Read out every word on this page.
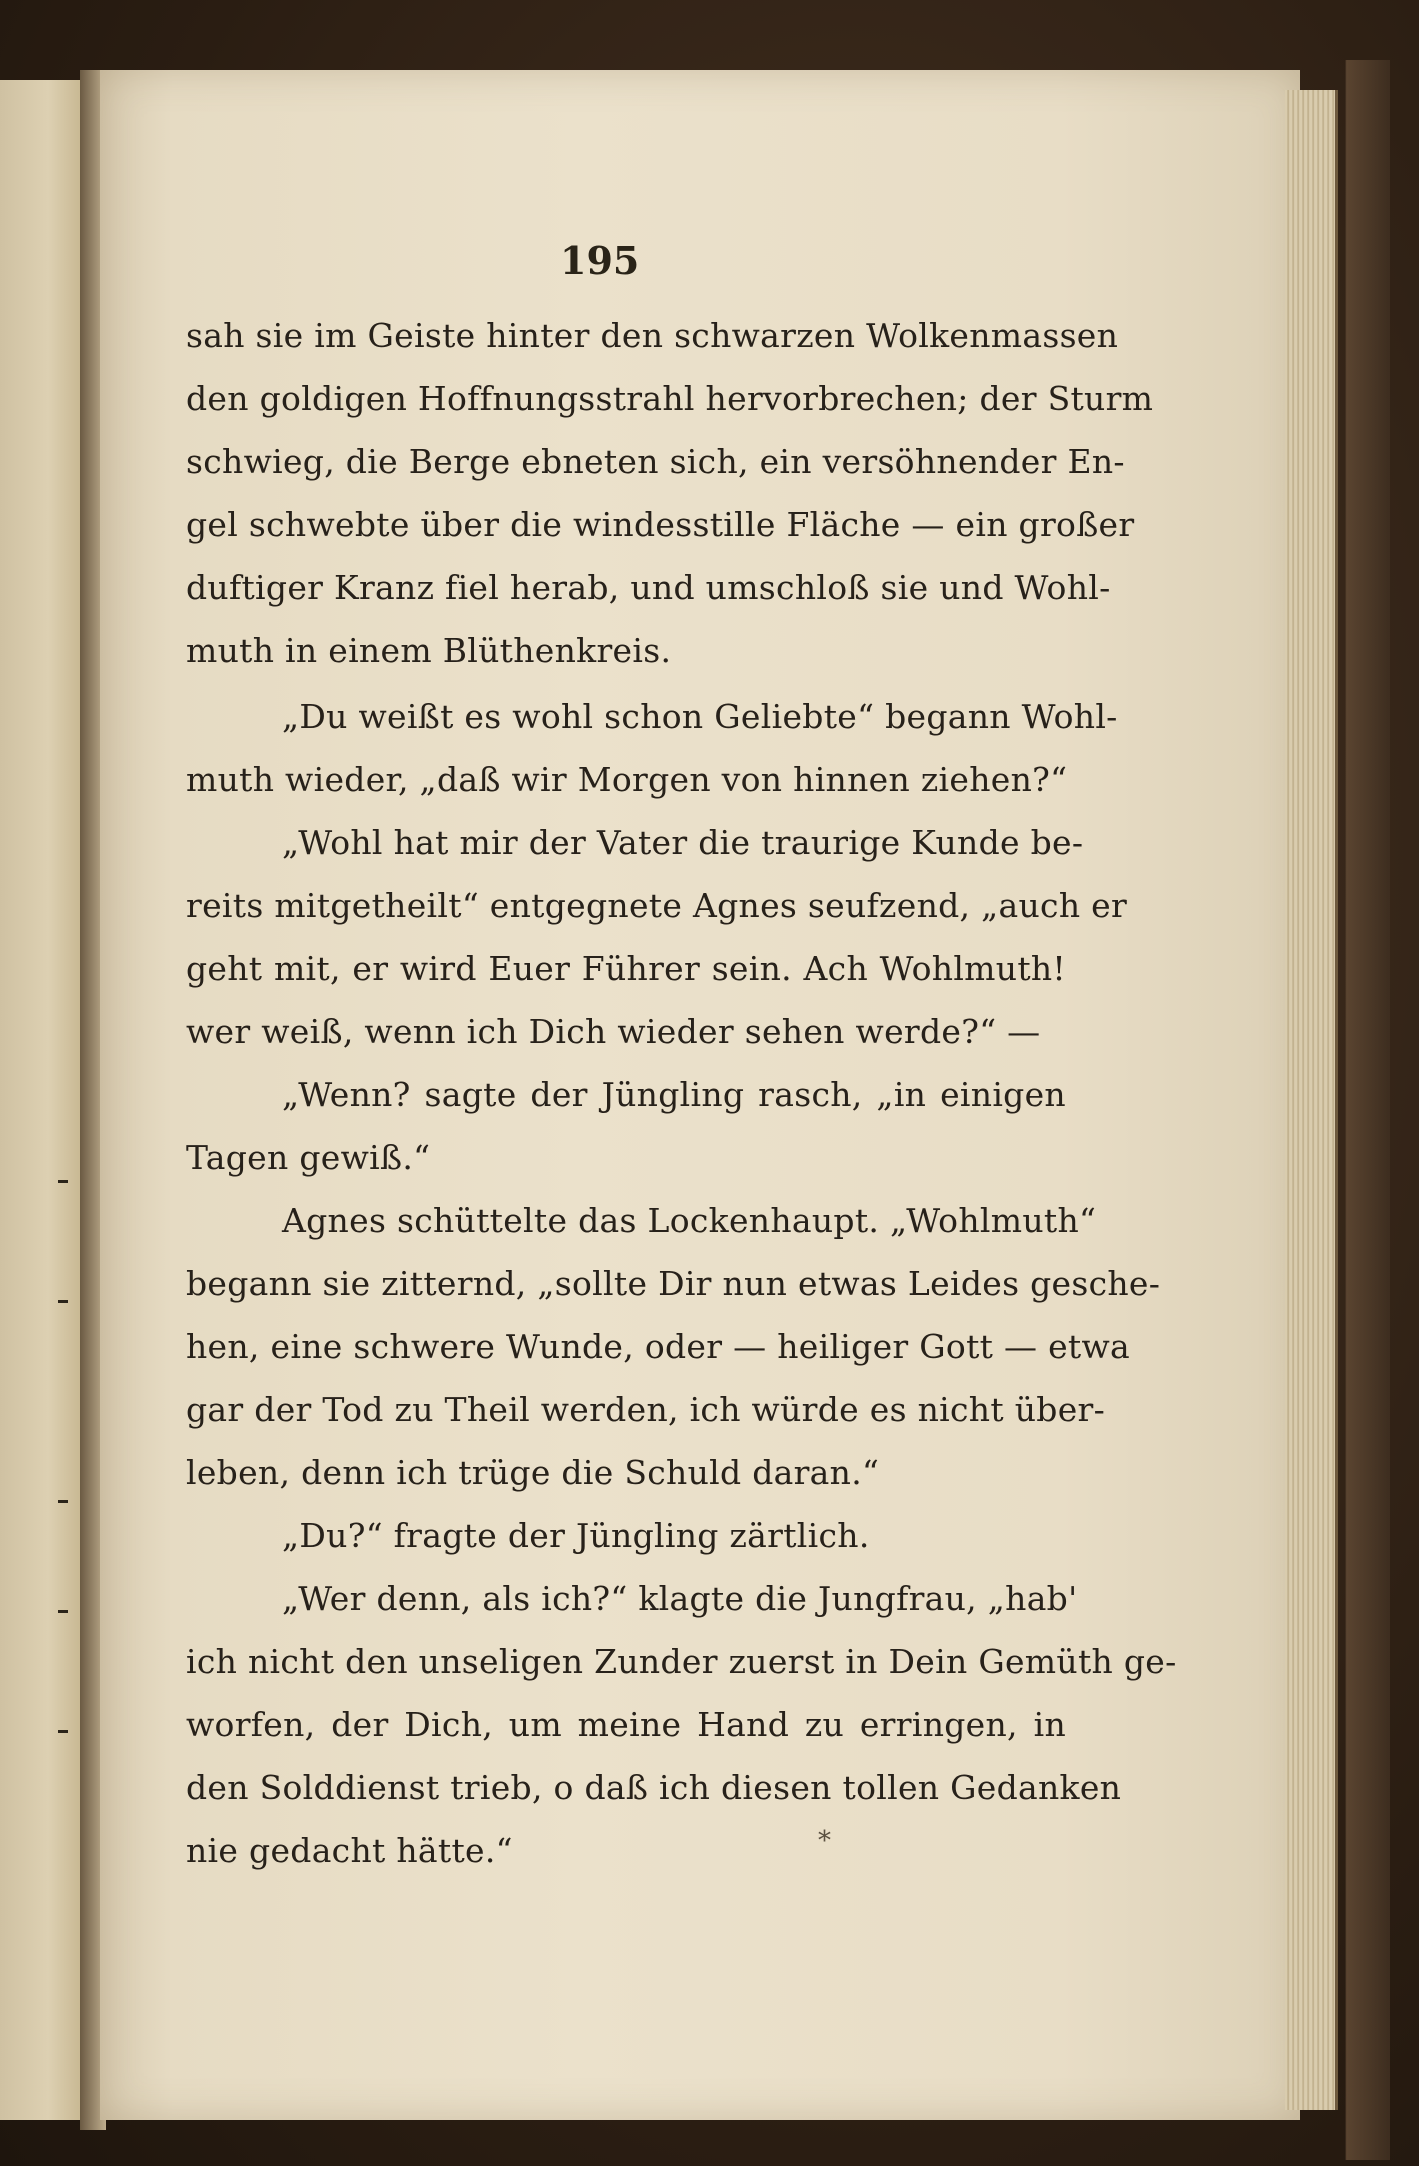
195
sah sie im Geiste hinter den schwarzen Wolkenmassen
den goldigen Hoffnungsstrahl hervorbrechen; der Sturm
schwieg, die Berge ebneten sich, ein versöhnender En-
gel schwebte über die windesstille Fläche — ein großer
duftiger Kranz fiel herab, und umschloß sie und Wohl-
muth in einem Blüthenkreis.
„Du weißt es wohl schon Geliebte“ begann Wohl-
muth wieder, „daß wir Morgen von hinnen ziehen?“
„Wohl hat mir der Vater die traurige Kunde be-
reits mitgetheilt“ entgegnete Agnes seufzend, „auch er
geht mit, er wird Euer Führer sein. Ach Wohlmuth!
wer weiß, wenn ich Dich wieder sehen werde?“ —
„Wenn? sagte der Jüngling rasch, „in einigen
Tagen gewiß.“
Agnes schüttelte das Lockenhaupt. „Wohlmuth“
begann sie zitternd, „sollte Dir nun etwas Leides gesche-
hen, eine schwere Wunde, oder — heiliger Gott — etwa
gar der Tod zu Theil werden, ich würde es nicht über-
leben, denn ich trüge die Schuld daran.“
„Du?“ fragte der Jüngling zärtlich.
„Wer denn, als ich?“ klagte die Jungfrau, „hab'
ich nicht den unseligen Zunder zuerst in Dein Gemüth ge-
worfen, der Dich, um meine Hand zu erringen, in
den Solddienst trieb, o daß ich diesen tollen Gedanken
nie gedacht hätte.“	*
